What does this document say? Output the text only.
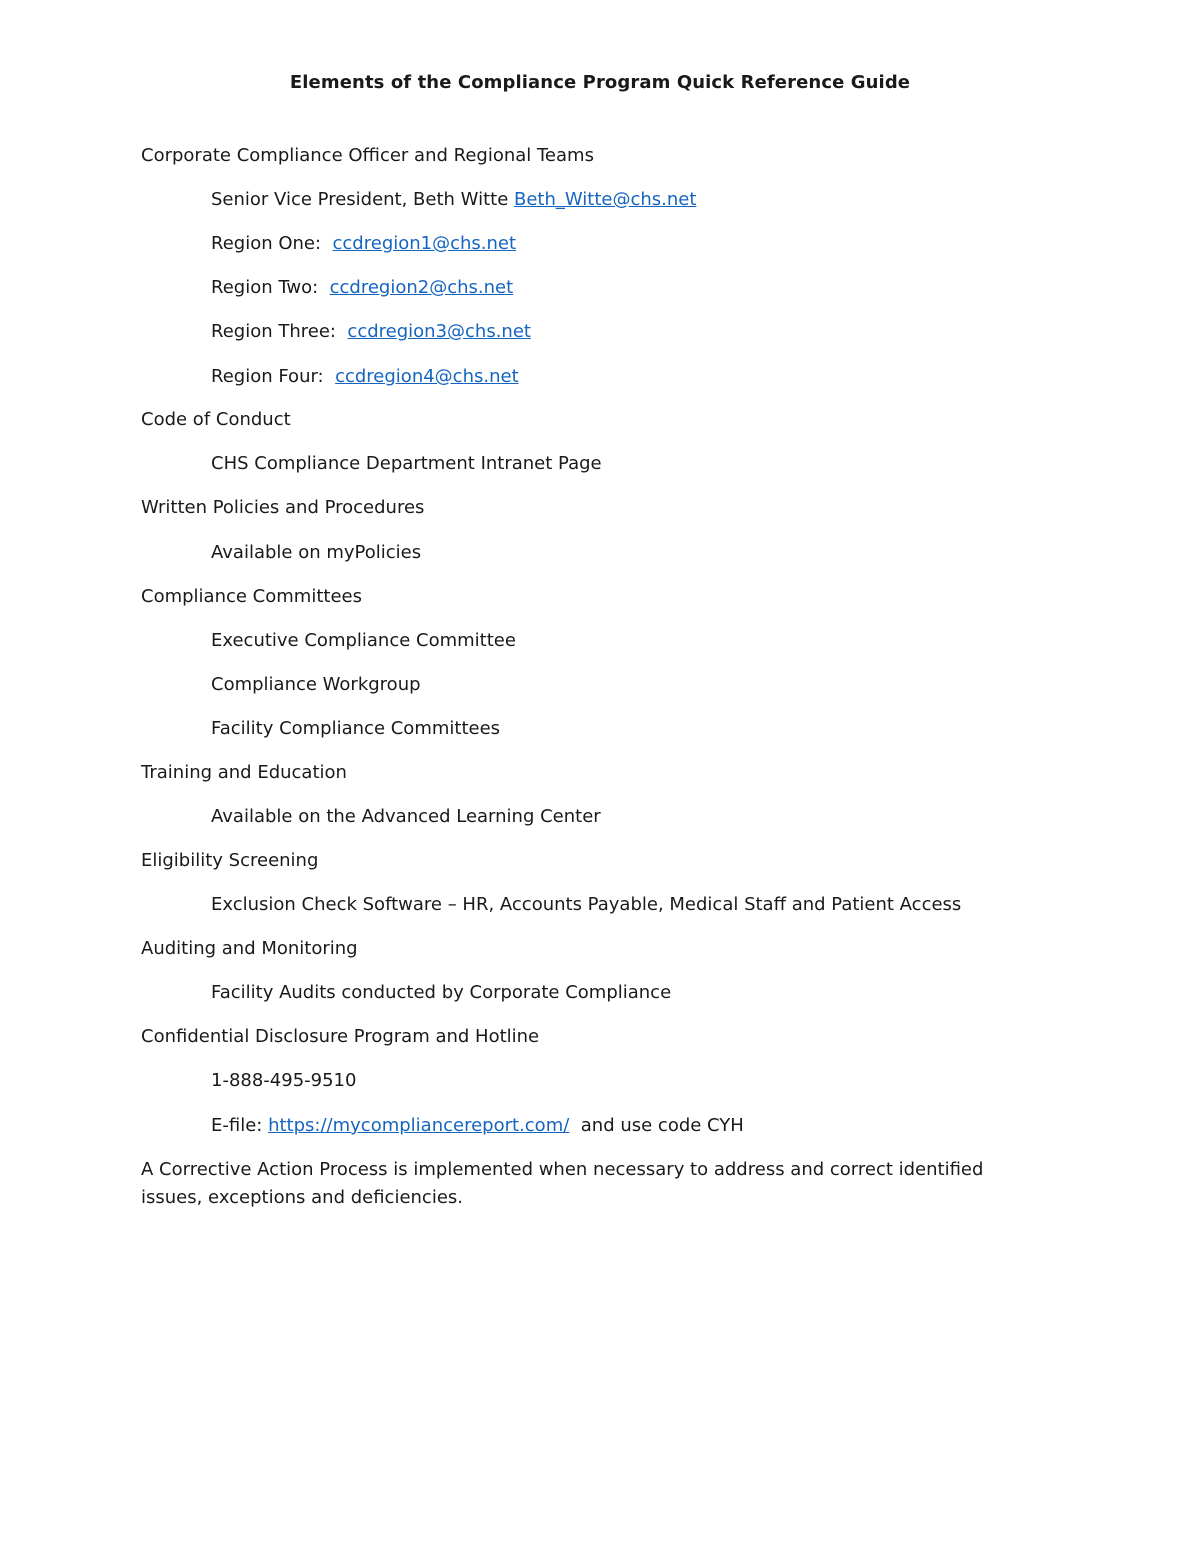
Elements of the Compliance Program Quick Reference Guide
Corporate Compliance Officer and Regional Teams
Senior Vice President, Beth Witte Beth_Witte@chs.net
Region One: ccdregion1@chs.net
Region Two: ccdregion2@chs.net
Region Three: ccdregion3@chs.net
Region Four: ccdregion4@chs.net
Code of Conduct
CHS Compliance Department Intranet Page
Written Policies and Procedures
Available on myPolicies
Compliance Committees
Executive Compliance Committee
Compliance Workgroup
Facility Compliance Committees
Training and Education
Available on the Advanced Learning Center
Eligibility Screening
Exclusion Check Software – HR, Accounts Payable, Medical Staff and Patient Access
Auditing and Monitoring
Facility Audits conducted by Corporate Compliance
Confidential Disclosure Program and Hotline
1-888-495-9510
E-file: https://mycompliancereport.com/ and use code CYH
A Corrective Action Process is implemented when necessary to address and correct identified issues, exceptions and deficiencies.
